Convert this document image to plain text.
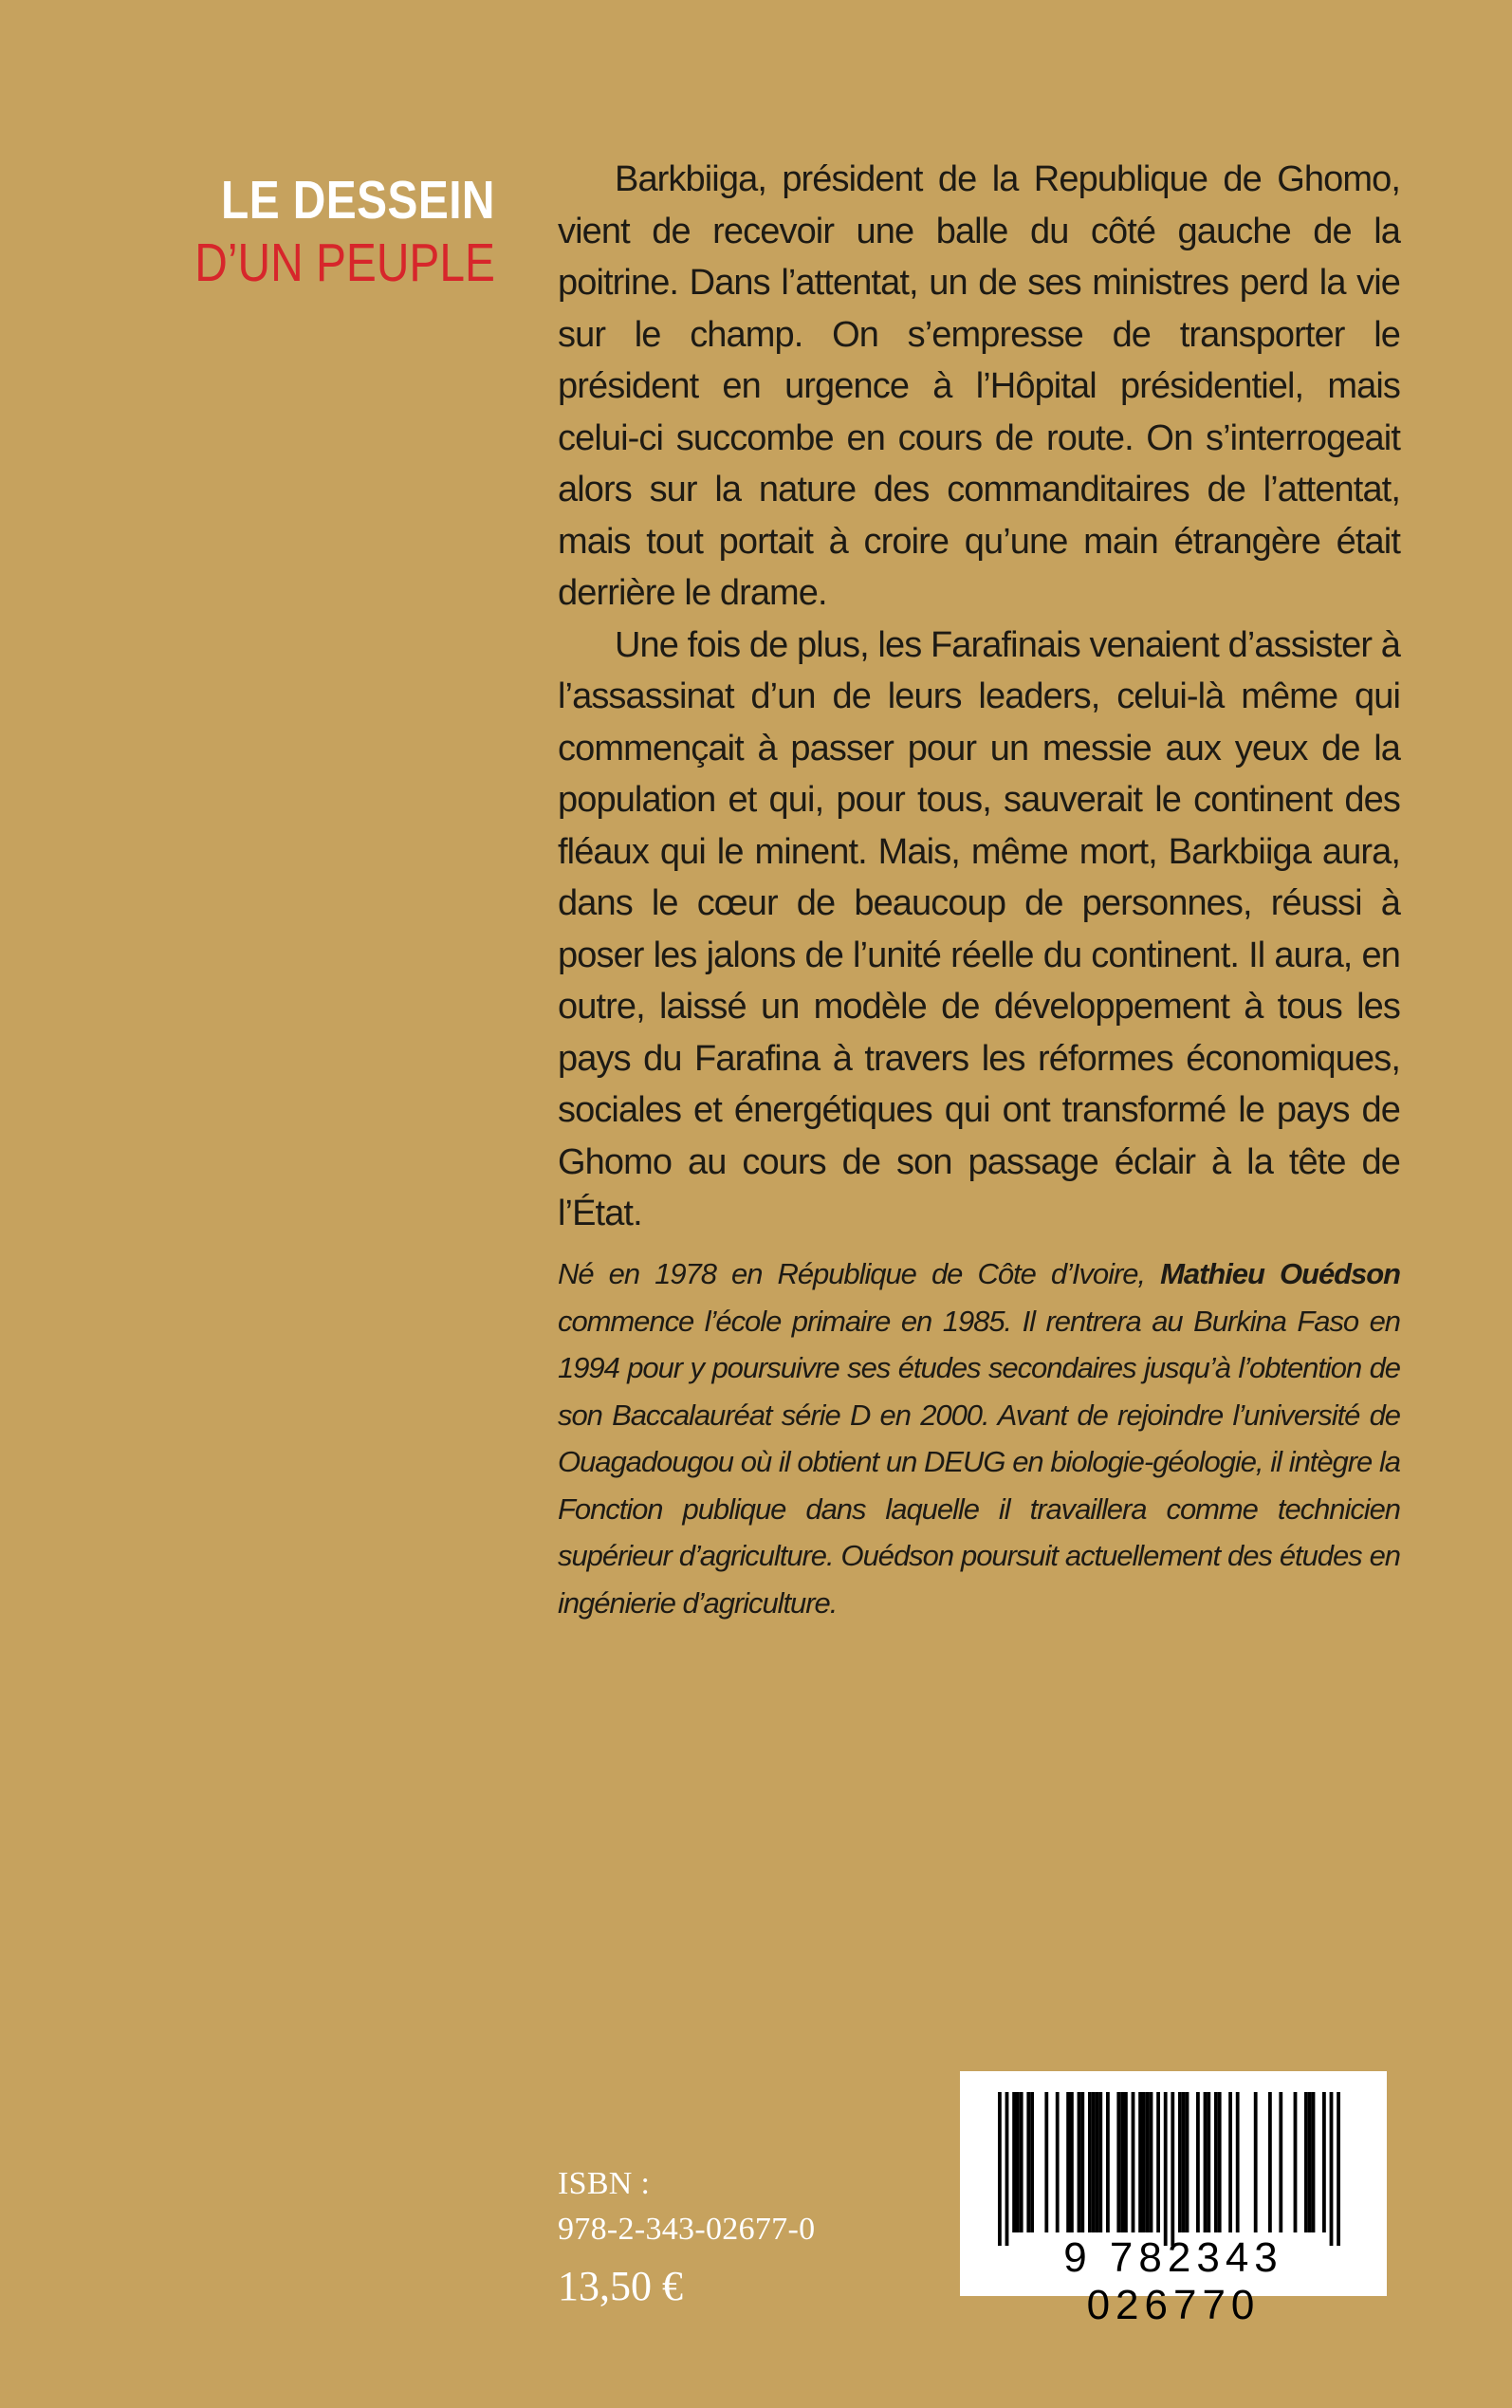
LE DESSEIN
D’UN PEUPLE

Barkbiiga, président de la Republique de Ghomo, vient de recevoir une balle du côté gauche de la poitrine. Dans l’attentat, un de ses ministres perd la vie sur le champ. On s’empresse de transporter le président en urgence à l’Hôpital présidentiel, mais celui-ci succombe en cours de route. On s’interrogeait alors sur la nature des commanditaires de l’attentat, mais tout portait à croire qu’une main étrangère était derrière le drame.

Une fois de plus, les Farafinais venaient d’assister à l’assassinat d’un de leurs leaders, celui-là même qui commençait à passer pour un messie aux yeux de la population et qui, pour tous, sauverait le continent des fléaux qui le minent. Mais, même mort, Barkbiiga aura, dans le cœur de beaucoup de personnes, réussi à poser les jalons de l’unité réelle du continent. Il aura, en outre, laissé un modèle de développement à tous les pays du Farafina à travers les réformes économiques, sociales et énergétiques qui ont transformé le pays de Ghomo au cours de son passage éclair à la tête de l’État.

Né en 1978 en République de Côte d’Ivoire, Mathieu Ouédson commence l’école primaire en 1985. Il rentrera au Burkina Faso en 1994 pour y poursuivre ses études secondaires jusqu’à l’obtention de son Baccalauréat série D en 2000. Avant de rejoindre l’université de Ouagadougou où il obtient un DEUG en biologie-géologie, il intègre la Fonction publique dans laquelle il travaillera comme technicien supérieur d’agriculture. Ouédson poursuit actuellement des études en ingénierie d’agriculture.

ISBN :
978-2-343-02677-0
13,50 €
9 782343 026770
